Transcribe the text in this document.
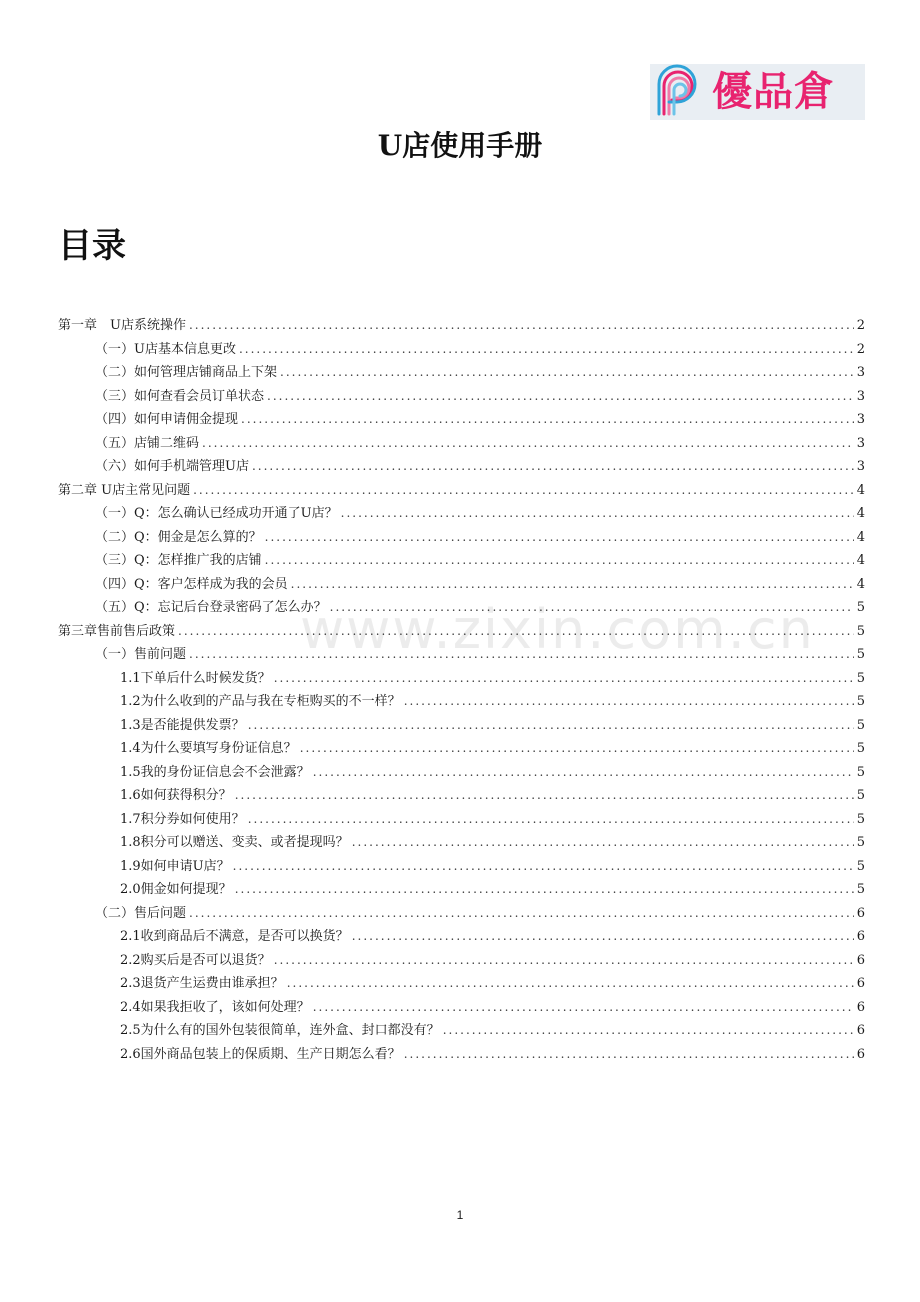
優品倉
U店使用手册
目录
www.zixin.com.cn
第一章　U店系统操作 .....	2
（一）U店基本信息更改 .....	2
（二）如何管理店铺商品上下架 .....	3
（三）如何查看会员订单状态 .....	3
（四）如何申请佣金提现 .....	3
（五）店铺二维码 .....	3
（六）如何手机端管理U店 .....	3
第二章 U店主常见问题 .....	4
（一）Q：怎么确认已经成功开通了U店？ .....	4
（二）Q：佣金是怎么算的？ .....	4
（三）Q：怎样推广我的店铺 .....	4
（四）Q：客户怎样成为我的会员 .....	4
（五）Q：忘记后台登录密码了怎么办？ .....	5
第三章售前售后政策 .....	5
（一）售前问题 .....	5
1.1下单后什么时候发货？ .....	5
1.2为什么收到的产品与我在专柜购买的不一样？ .....	5
1.3是否能提供发票？ .....	5
1.4为什么要填写身份证信息？ .....	5
1.5我的身份证信息会不会泄露？ .....	5
1.6如何获得积分？ .....	5
1.7积分券如何使用？ .....	5
1.8积分可以赠送、变卖、或者提现吗？ .....	5
1.9如何申请U店？ .....	5
2.0佣金如何提现？ .....	5
（二）售后问题 .....	6
2.1收到商品后不满意，是否可以换货？ .....	6
2.2购买后是否可以退货？ .....	6
2.3退货产生运费由谁承担？ .....	6
2.4如果我拒收了，该如何处理？ .....	6
2.5为什么有的国外包装很简单，连外盒、封口都没有？ .....	6
2.6国外商品包装上的保质期、生产日期怎么看？ .....	6
1
